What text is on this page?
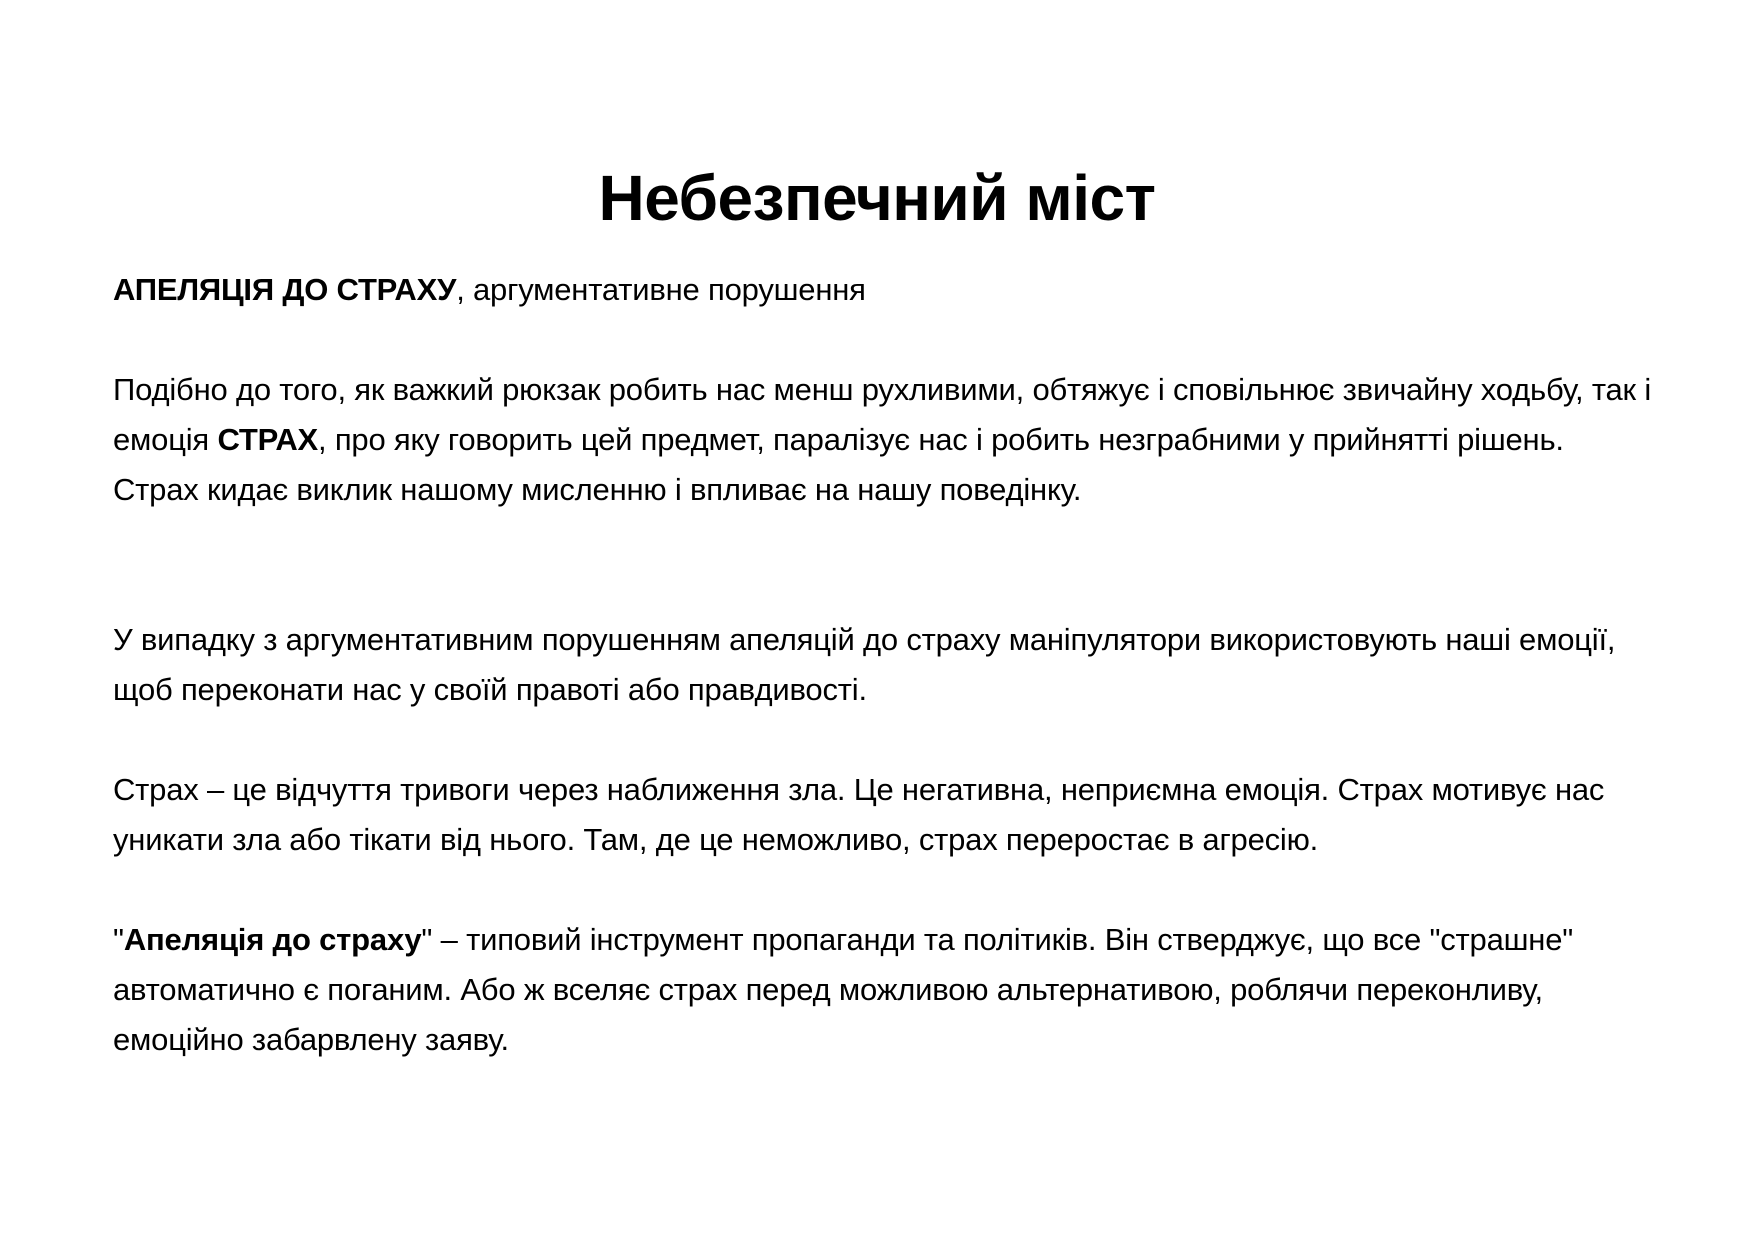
Небезпечний міст

АПЕЛЯЦІЯ ДО СТРАХУ, аргументативне порушення

Подібно до того, як важкий рюкзак робить нас менш рухливими, обтяжує і сповільнює звичайну ходьбу, так і емоція СТРАХ, про яку говорить цей предмет, паралізує нас і робить незграбними у прийнятті рішень. Страх кидає виклик нашому мисленню і впливає на нашу поведінку.

У випадку з аргументативним порушенням апеляцій до страху маніпулятори використовують наші емоції, щоб переконати нас у своїй правоті або правдивості.

Страх – це відчуття тривоги через наближення зла. Це негативна, неприємна емоція. Страх мотивує нас уникати зла або тікати від нього. Там, де це неможливо, страх переростає в агресію.

"Апеляція до страху" – типовий інструмент пропаганди та політиків. Він стверджує, що все "страшне" автоматично є поганим. Або ж вселяє страх перед можливою альтернативою, роблячи переконливу, емоційно забарвлену заяву.
